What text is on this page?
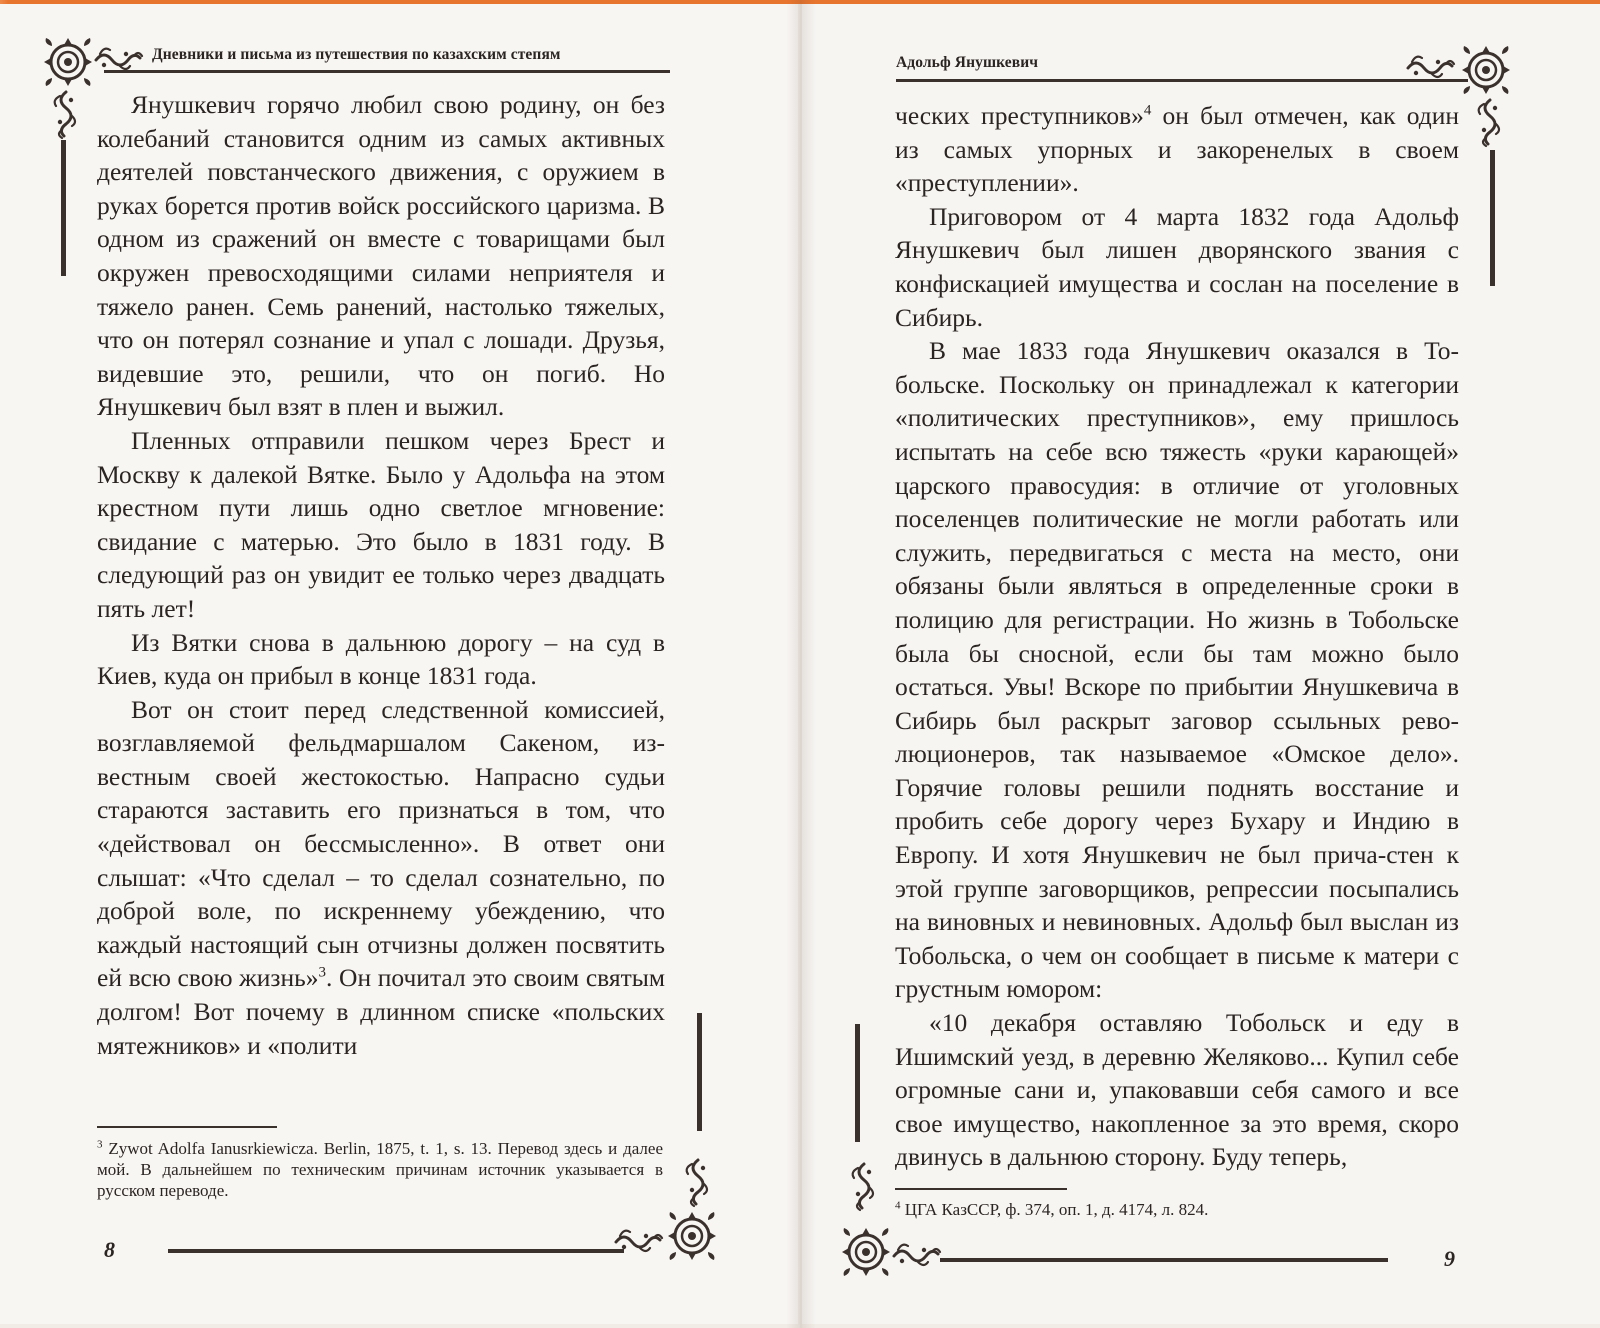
Дневники и письма из путешествия по казахским степям

Янушкевич горячо любил свою родину, он без колебаний становится одним из самых активных деятелей повстанческого движения, с оружием в руках борется против войск российского царизма. В одном из сражений он вместе с товарищами был окружен превосходящими силами неприятеля и тяжело ранен. Семь ранений, настолько тяжелых, что он потерял сознание и упал с лошади. Друзья, видевшие это, решили, что он погиб. Но Янушкевич был взят в плен и выжил.

Пленных отправили пешком через Брест и Москву к далекой Вятке. Было у Адольфа на этом крестном пути лишь одно светлое мгновение: свидание с матерью. Это было в 1831 году. В следующий раз он увидит ее только через двадцать пять лет!

Из Вятки снова в дальнюю дорогу – на суд в Киев, куда он прибыл в конце 1831 года.

Вот он стоит перед следственной комиссией, возглавляемой фельдмаршалом Сакеном, известным своей жестокостью. Напрасно судьи стараются заставить его признаться в том, что «действовал он бессмысленно». В ответ они слышат: «Что сделал – то сделал сознательно, по доброй воле, по искреннему убеждению, что каждый настоящий сын отчизны должен посвятить ей всю свою жизнь»$^3$. Он почитал это своим святым долгом! Вот почему в длинном списке «польских мятежников» и «полити

$^3$ Zywot Adolfa Ianusrkiewicza. Berlin, 1875, t. 1, s. 13. Перевод здесь и далее мой. В дальнейшем по техническим причинам источник указывается в русском переводе.

8
Адольф Янушкевич

ческих преступников»$^4$ он был отмечен, как один из самых упорных и закоренелых в своем «преступлении».

Приговором от 4 марта 1832 года Адольф Янушкевич был лишен дворянского звания с конфискацией имущества и сослан на поселение в Сибирь.

В мае 1833 года Янушкевич оказался в Тобольске. Поскольку он принадлежал к категории «политических преступников», ему пришлось испытать на себе всю тяжесть «руки карающей» царского правосудия: в отличие от уголовных поселенцев политические не могли работать или служить, передвигаться с места на место, они обязаны были являться в определенные сроки в полицию для регистрации. Но жизнь в Тобольске была бы сносной, если бы там можно было остаться. Увы! Вскоре по прибытии Янушкевича в Сибирь был раскрыт заговор ссыльных революционеров, так называемое «Омское дело». Горячие головы решили поднять восстание и пробить себе дорогу через Бухару и Индию в Европу. И хотя Янушкевич не был прича-стен к этой группе заговорщиков, репрессии посыпались на виновных и невиновных. Адольф был выслан из Тобольска, о чем он сообщает в письме к матери с грустным юмором:

«10 декабря оставляю Тобольск и еду в Ишимский уезд, в деревню Желяково... Купил себе огромные сани и, упаковавши себя самого и все свое имущество, накопленное за это время, скоро двинусь в дальнюю сторону. Буду теперь,

$^4$ ЦГА КазССР, ф. 374, оп. 1, д. 4174, л. 824.

9
